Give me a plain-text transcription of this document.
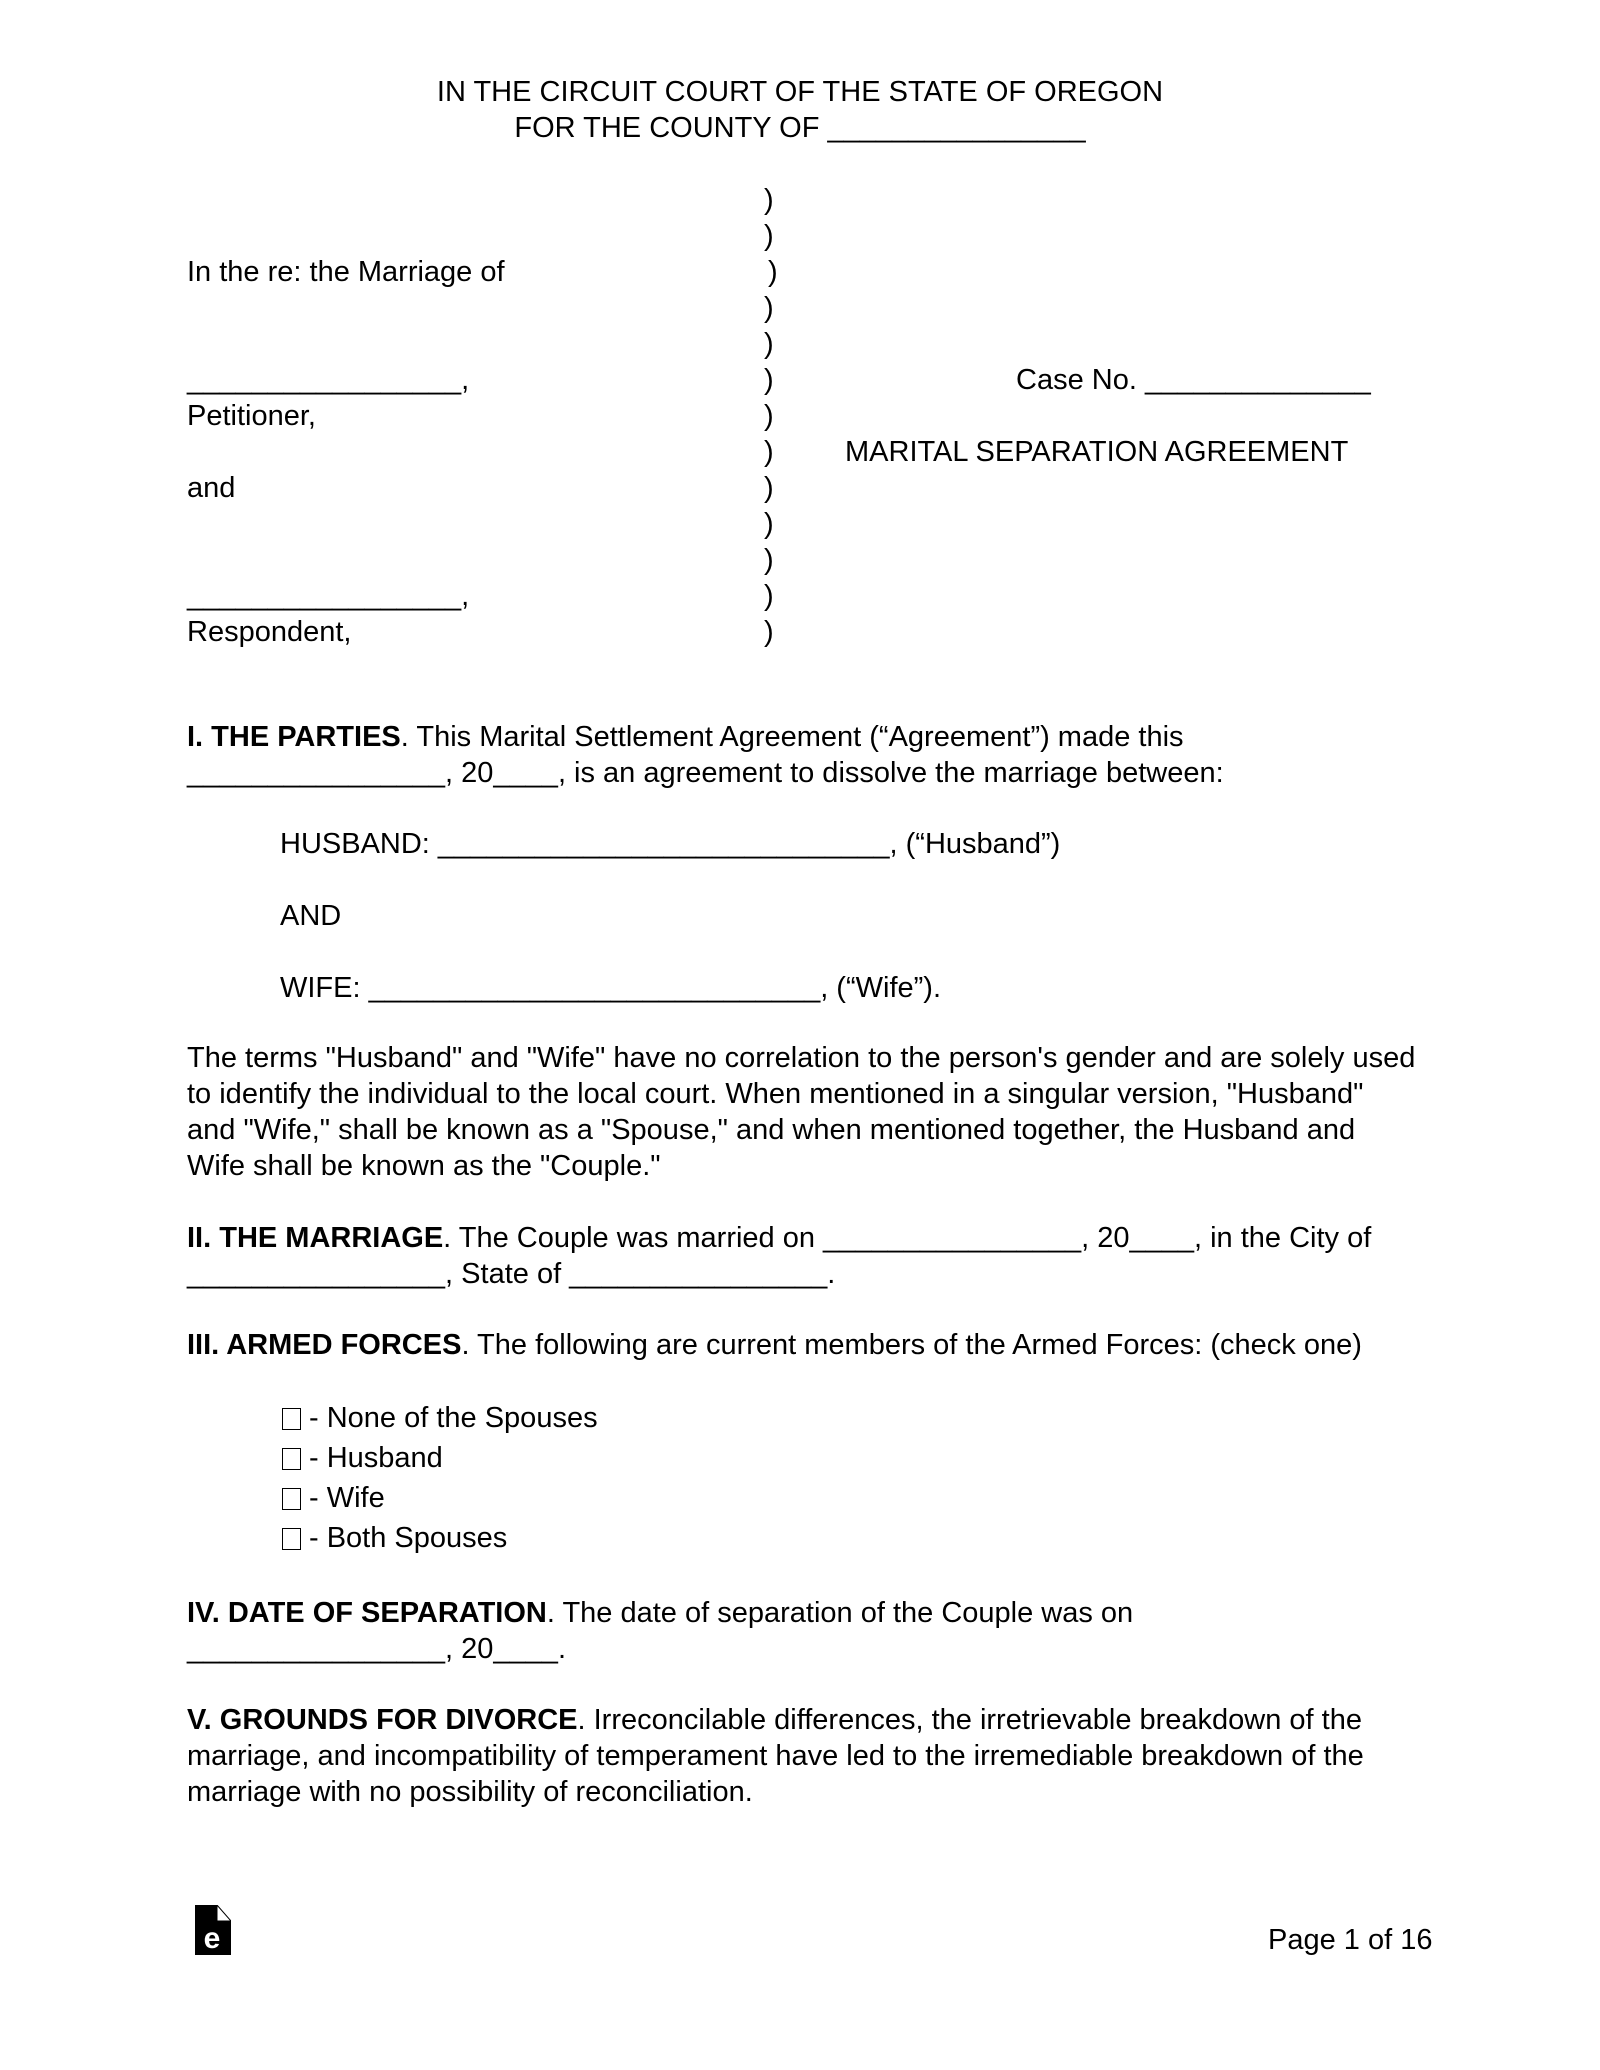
IN THE CIRCUIT COURT OF THE STATE OF OREGON
FOR THE COUNTY OF ________________
In the re: the Marriage of
_________________,
Petitioner,
and
_________________,
Respondent,
)
)
)
)
)
)
)
)
)
)
)
)
)
Case No. ______________
MARITAL SEPARATION AGREEMENT
I. THE PARTIES. This Marital Settlement Agreement (“Agreement”) made this ________________, 20____, is an agreement to dissolve the marriage between:
HUSBAND: ____________________________, (“Husband”)
AND
WIFE: ____________________________, (“Wife”).
The terms "Husband" and "Wife" have no correlation to the person's gender and are solely used to identify the individual to the local court. When mentioned in a singular version, "Husband" and "Wife," shall be known as a "Spouse," and when mentioned together, the Husband and Wife shall be known as the "Couple."
II. THE MARRIAGE. The Couple was married on ________________, 20____, in the City of ________________, State of ________________.
III. ARMED FORCES. The following are current members of the Armed Forces: (check one)
- None of the Spouses
- Husband
- Wife
- Both Spouses
IV. DATE OF SEPARATION. The date of separation of the Couple was on ________________, 20____.
V. GROUNDS FOR DIVORCE. Irreconcilable differences, the irretrievable breakdown of the marriage, and incompatibility of temperament have led to the irremediable breakdown of the marriage with no possibility of reconciliation.
e	Page 1 of 16
